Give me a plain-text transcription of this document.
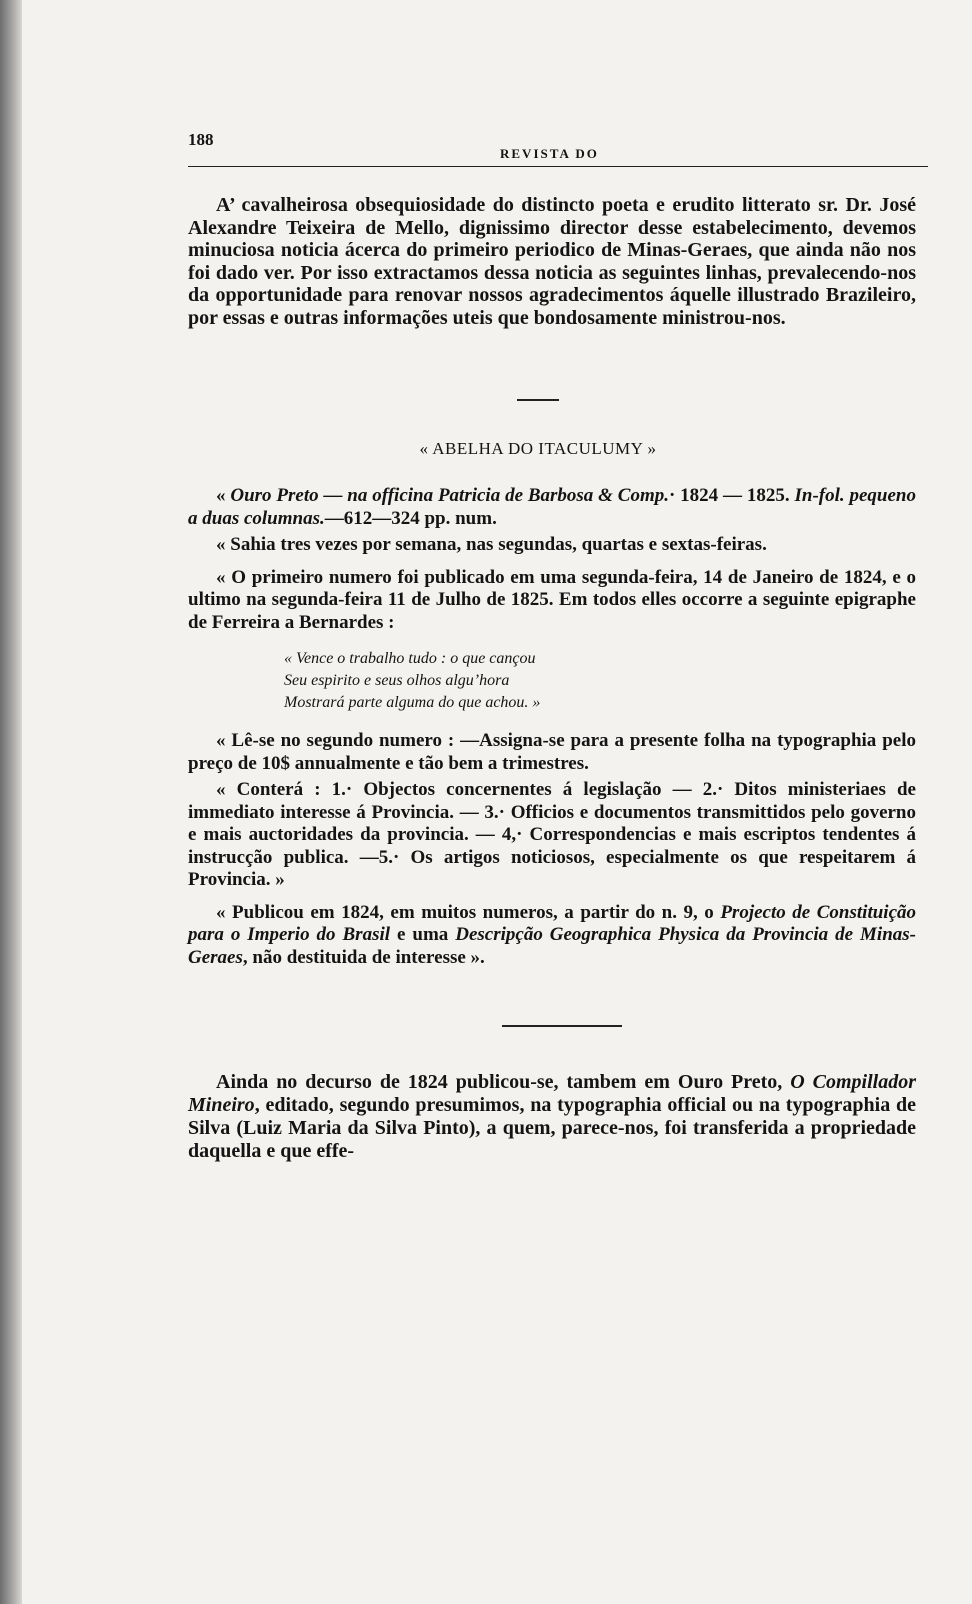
188
REVISTA DO

A’ cavalheirosa obsequiosidade do distincto poeta e erudito litterato sr. Dr. José Alexandre Teixeira de Mello, dignissimo director desse estabelecimento, devemos minuciosa noticia ácerca do primeiro periodico de Minas-Geraes, que ainda não nos foi dado ver. Por isso extractamos dessa noticia as seguintes linhas, prevalecendo-nos da opportunidade para renovar nossos agradecimentos áquelle illustrado Brazileiro, por essas e outras informações uteis que bondosamente ministrou-nos.

« ABELHA DO ITACULUMY »

« Ouro Preto — na officina Patricia de Barbosa & Comp.· 1824 — 1825. In-fol. pequeno a duas columnas.—612—324 pp. num.

« Sahia tres vezes por semana, nas segundas, quartas e sextas-feiras.

« O primeiro numero foi publicado em uma segunda-feira, 14 de Janeiro de 1824, e o ultimo na segunda-feira 11 de Julho de 1825. Em todos elles occorre a seguinte epigraphe de Ferreira a Bernardes :

« Vence o trabalho tudo : o que cançou
Seu espirito e seus olhos algu’hora
Mostrará parte alguma do que achou. »

« Lê-se no segundo numero : —Assigna-se para a presente folha na typographia pelo preço de 10$ annualmente e tão bem a trimestres.

« Conterá : 1.· Objectos concernentes á legislação — 2.· Ditos ministeriaes de immediato interesse á Provincia. — 3.· Officios e documentos transmittidos pelo governo e mais auctoridades da provincia. — 4,· Correspondencias e mais escriptos tendentes á instrucção publica. —5.· Os artigos noticiosos, especialmente os que respeitarem á Provincia. »

« Publicou em 1824, em muitos numeros, a partir do n. 9, o Projecto de Constituição para o Imperio do Brasil e uma Descripção Geographica Physica da Provincia de Minas-Geraes, não destituida de interesse ».

Ainda no decurso de 1824 publicou-se, tambem em Ouro Preto, O Compillador Mineiro, editado, segundo presumimos, na typographia official ou na typographia de Silva (Luiz Maria da Silva Pinto), a quem, parece-nos, foi transferida a propriedade daquella e que effe-
